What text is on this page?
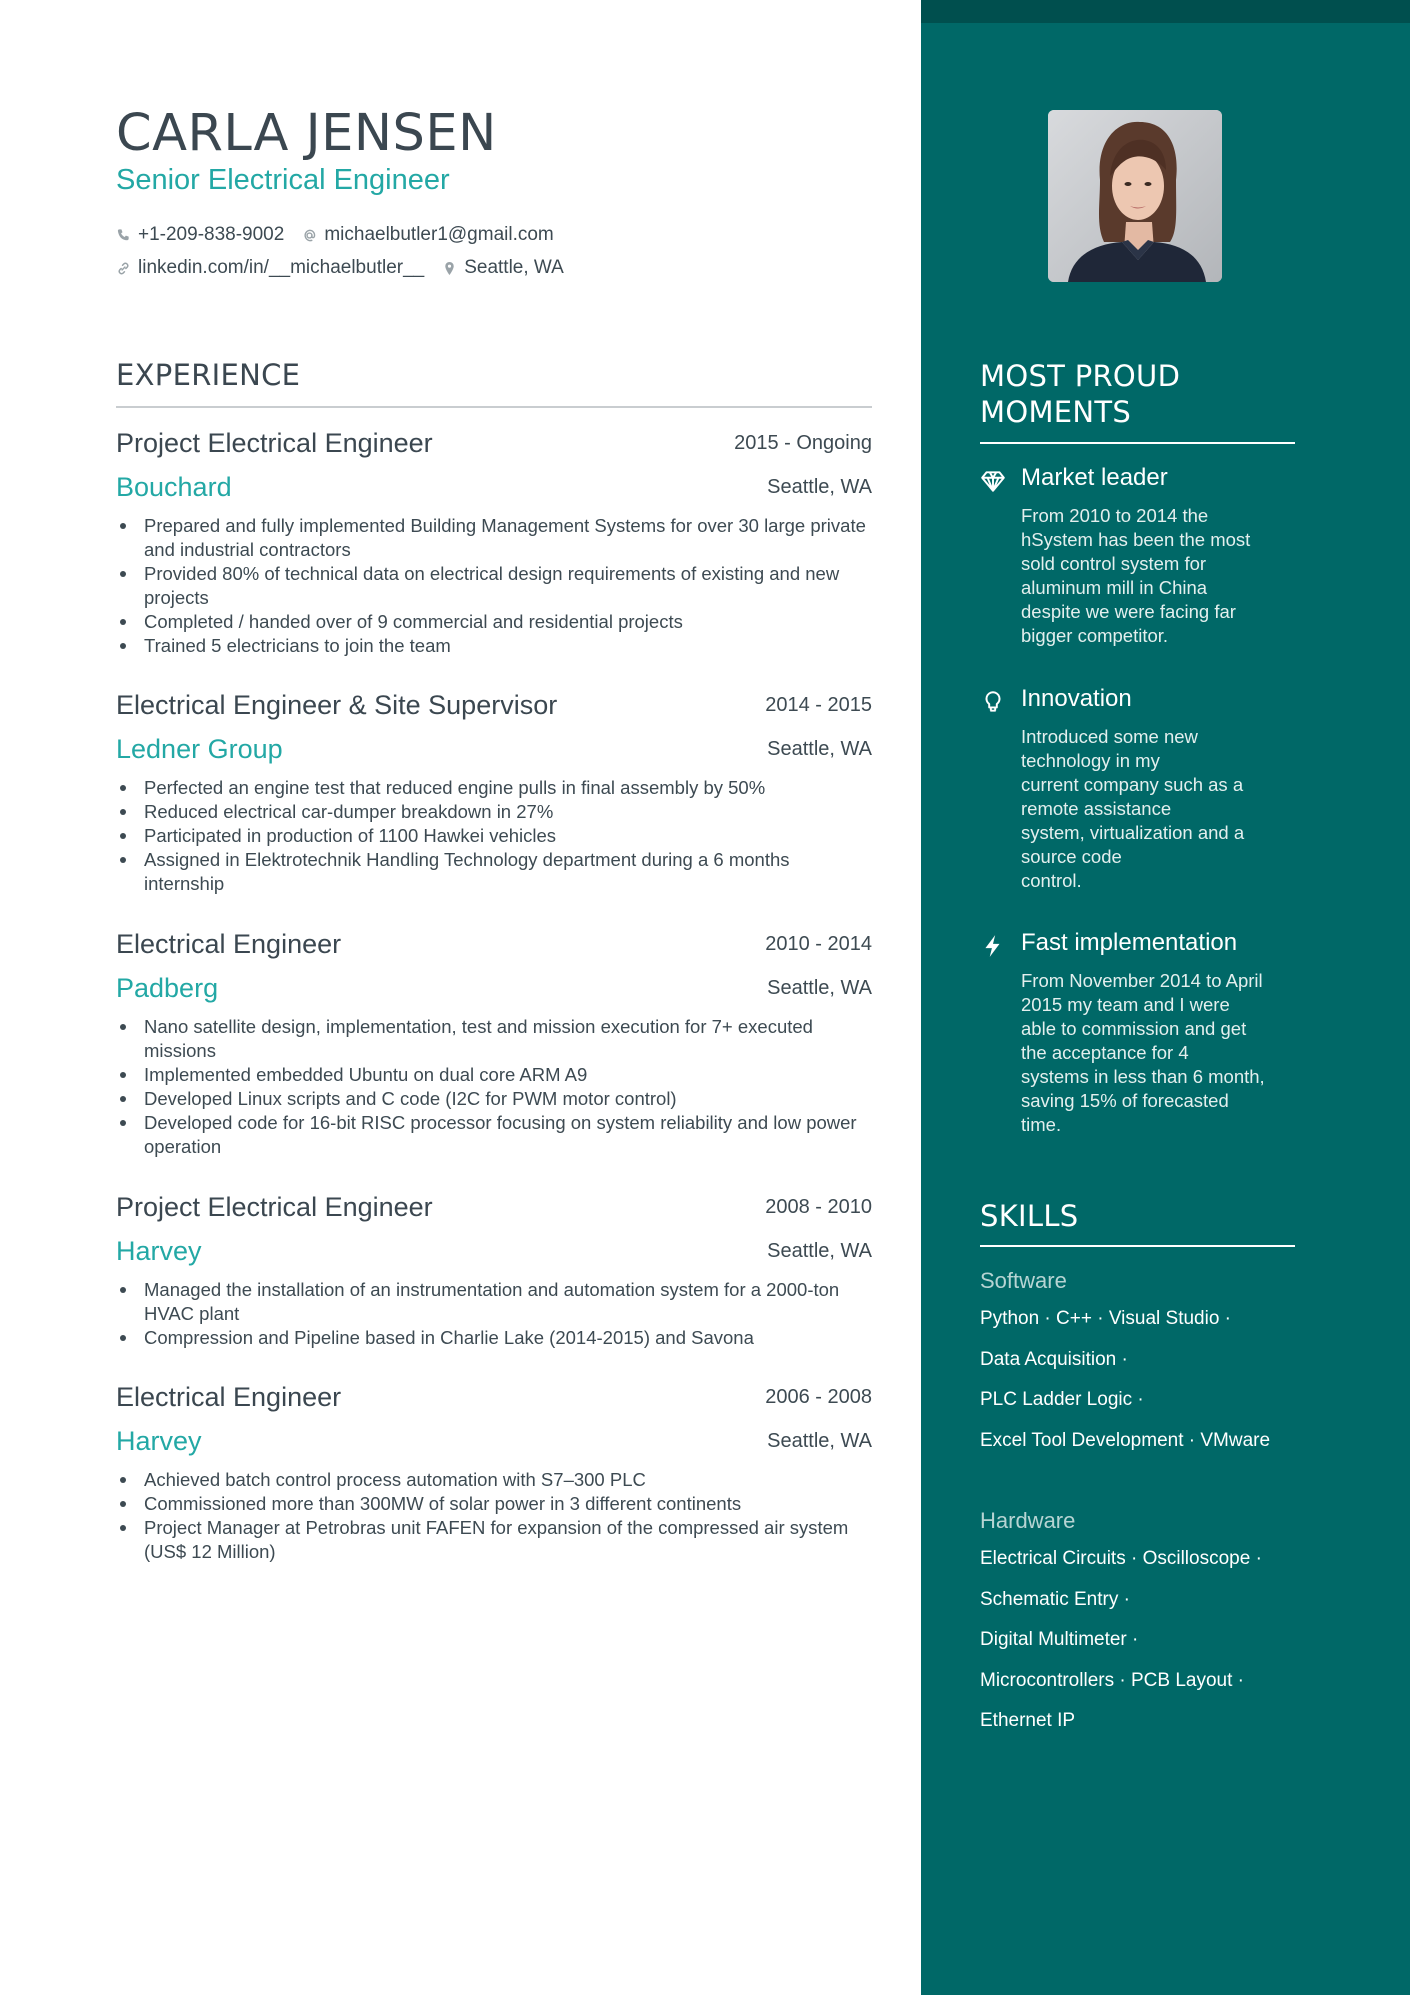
CARLA JENSEN
Senior Electrical Engineer
+1-209-838-9002 michaelbutler1@gmail.com
linkedin.com/in/__michaelbutler__ Seattle, WA
EXPERIENCE
Project Electrical Engineer	2015 - Ongoing
Bouchard	Seattle, WA
Prepared and fully implemented Building Management Systems for over 30 large private and industrial contractors
Provided 80% of technical data on electrical design requirements of existing and new projects
Completed / handed over of 9 commercial and residential projects
Trained 5 electricians to join the team
Electrical Engineer & Site Supervisor	2014 - 2015
Ledner Group	Seattle, WA
Perfected an engine test that reduced engine pulls in final assembly by 50%
Reduced electrical car-dumper breakdown in 27%
Participated in production of 1100 Hawkei vehicles
Assigned in Elektrotechnik Handling Technology department during a 6 months internship
Electrical Engineer	2010 - 2014
Padberg	Seattle, WA
Nano satellite design, implementation, test and mission execution for 7+ executed missions
Implemented embedded Ubuntu on dual core ARM A9
Developed Linux scripts and C code (I2C for PWM motor control)
Developed code for 16-bit RISC processor focusing on system reliability and low power operation
Project Electrical Engineer	2008 - 2010
Harvey	Seattle, WA
Managed the installation of an instrumentation and automation system for a 2000-ton HVAC plant
Compression and Pipeline based in Charlie Lake (2014-2015) and Savona
Electrical Engineer	2006 - 2008
Harvey	Seattle, WA
Achieved batch control process automation with S7–300 PLC
Commissioned more than 300MW of solar power in 3 different continents
Project Manager at Petrobras unit FAFEN for expansion of the compressed air system (US$ 12 Million)
MOST PROUD MOMENTS
Market leader
From 2010 to 2014 the
hSystem has been the most
sold control system for
aluminum mill in China
despite we were facing far
bigger competitor.
Innovation
Introduced some new
technology in my
current company such as a
remote assistance
system, virtualization and a
source code
control.
Fast implementation
From November 2014 to April
2015 my team and I were
able to commission and get
the acceptance for 4
systems in less than 6 month,
saving 15% of forecasted
time.
SKILLS
Software
Python · C++ · Visual Studio ·
Data Acquisition ·
PLC Ladder Logic ·
Excel Tool Development · VMware
Hardware
Electrical Circuits · Oscilloscope ·
Schematic Entry ·
Digital Multimeter ·
Microcontrollers · PCB Layout ·
Ethernet IP
